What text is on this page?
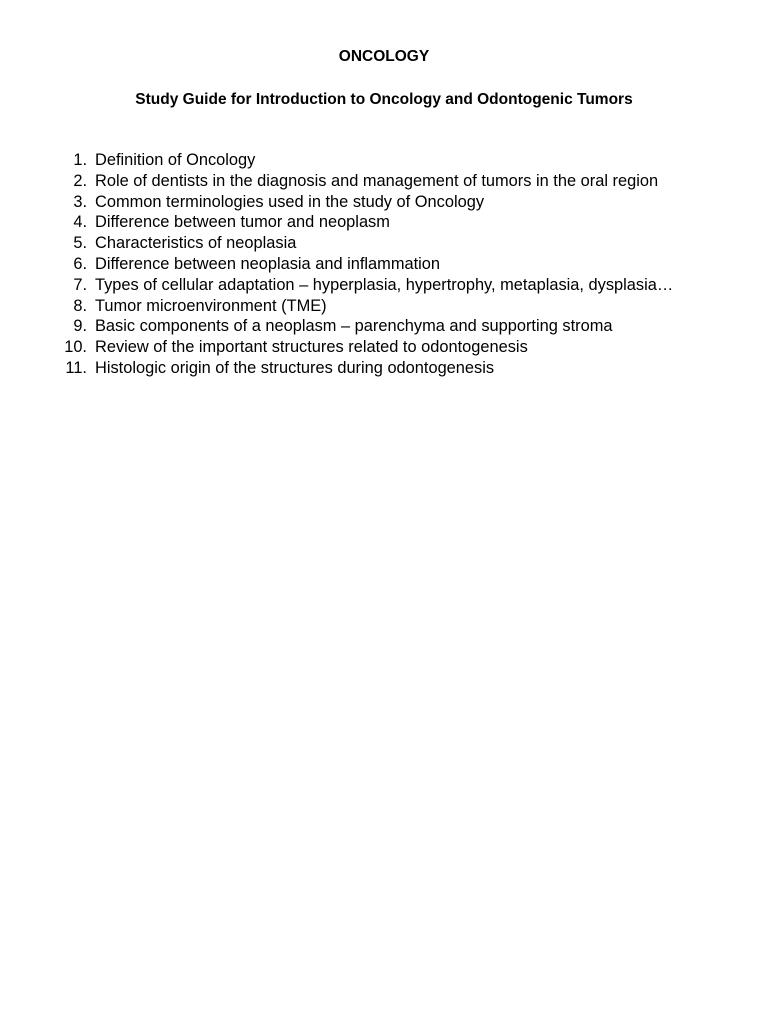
ONCOLOGY
Study Guide for Introduction to Oncology and Odontogenic Tumors
1. Definition of Oncology
2. Role of dentists in the diagnosis and management of tumors in the oral region
3. Common terminologies used in the study of Oncology
4. Difference between tumor and neoplasm
5. Characteristics of neoplasia
6. Difference between neoplasia and inflammation
7. Types of cellular adaptation – hyperplasia, hypertrophy, metaplasia, dysplasia…
8. Tumor microenvironment (TME)
9. Basic components of a neoplasm – parenchyma and supporting stroma
10. Review of the important structures related to odontogenesis
11. Histologic origin of the structures during odontogenesis
